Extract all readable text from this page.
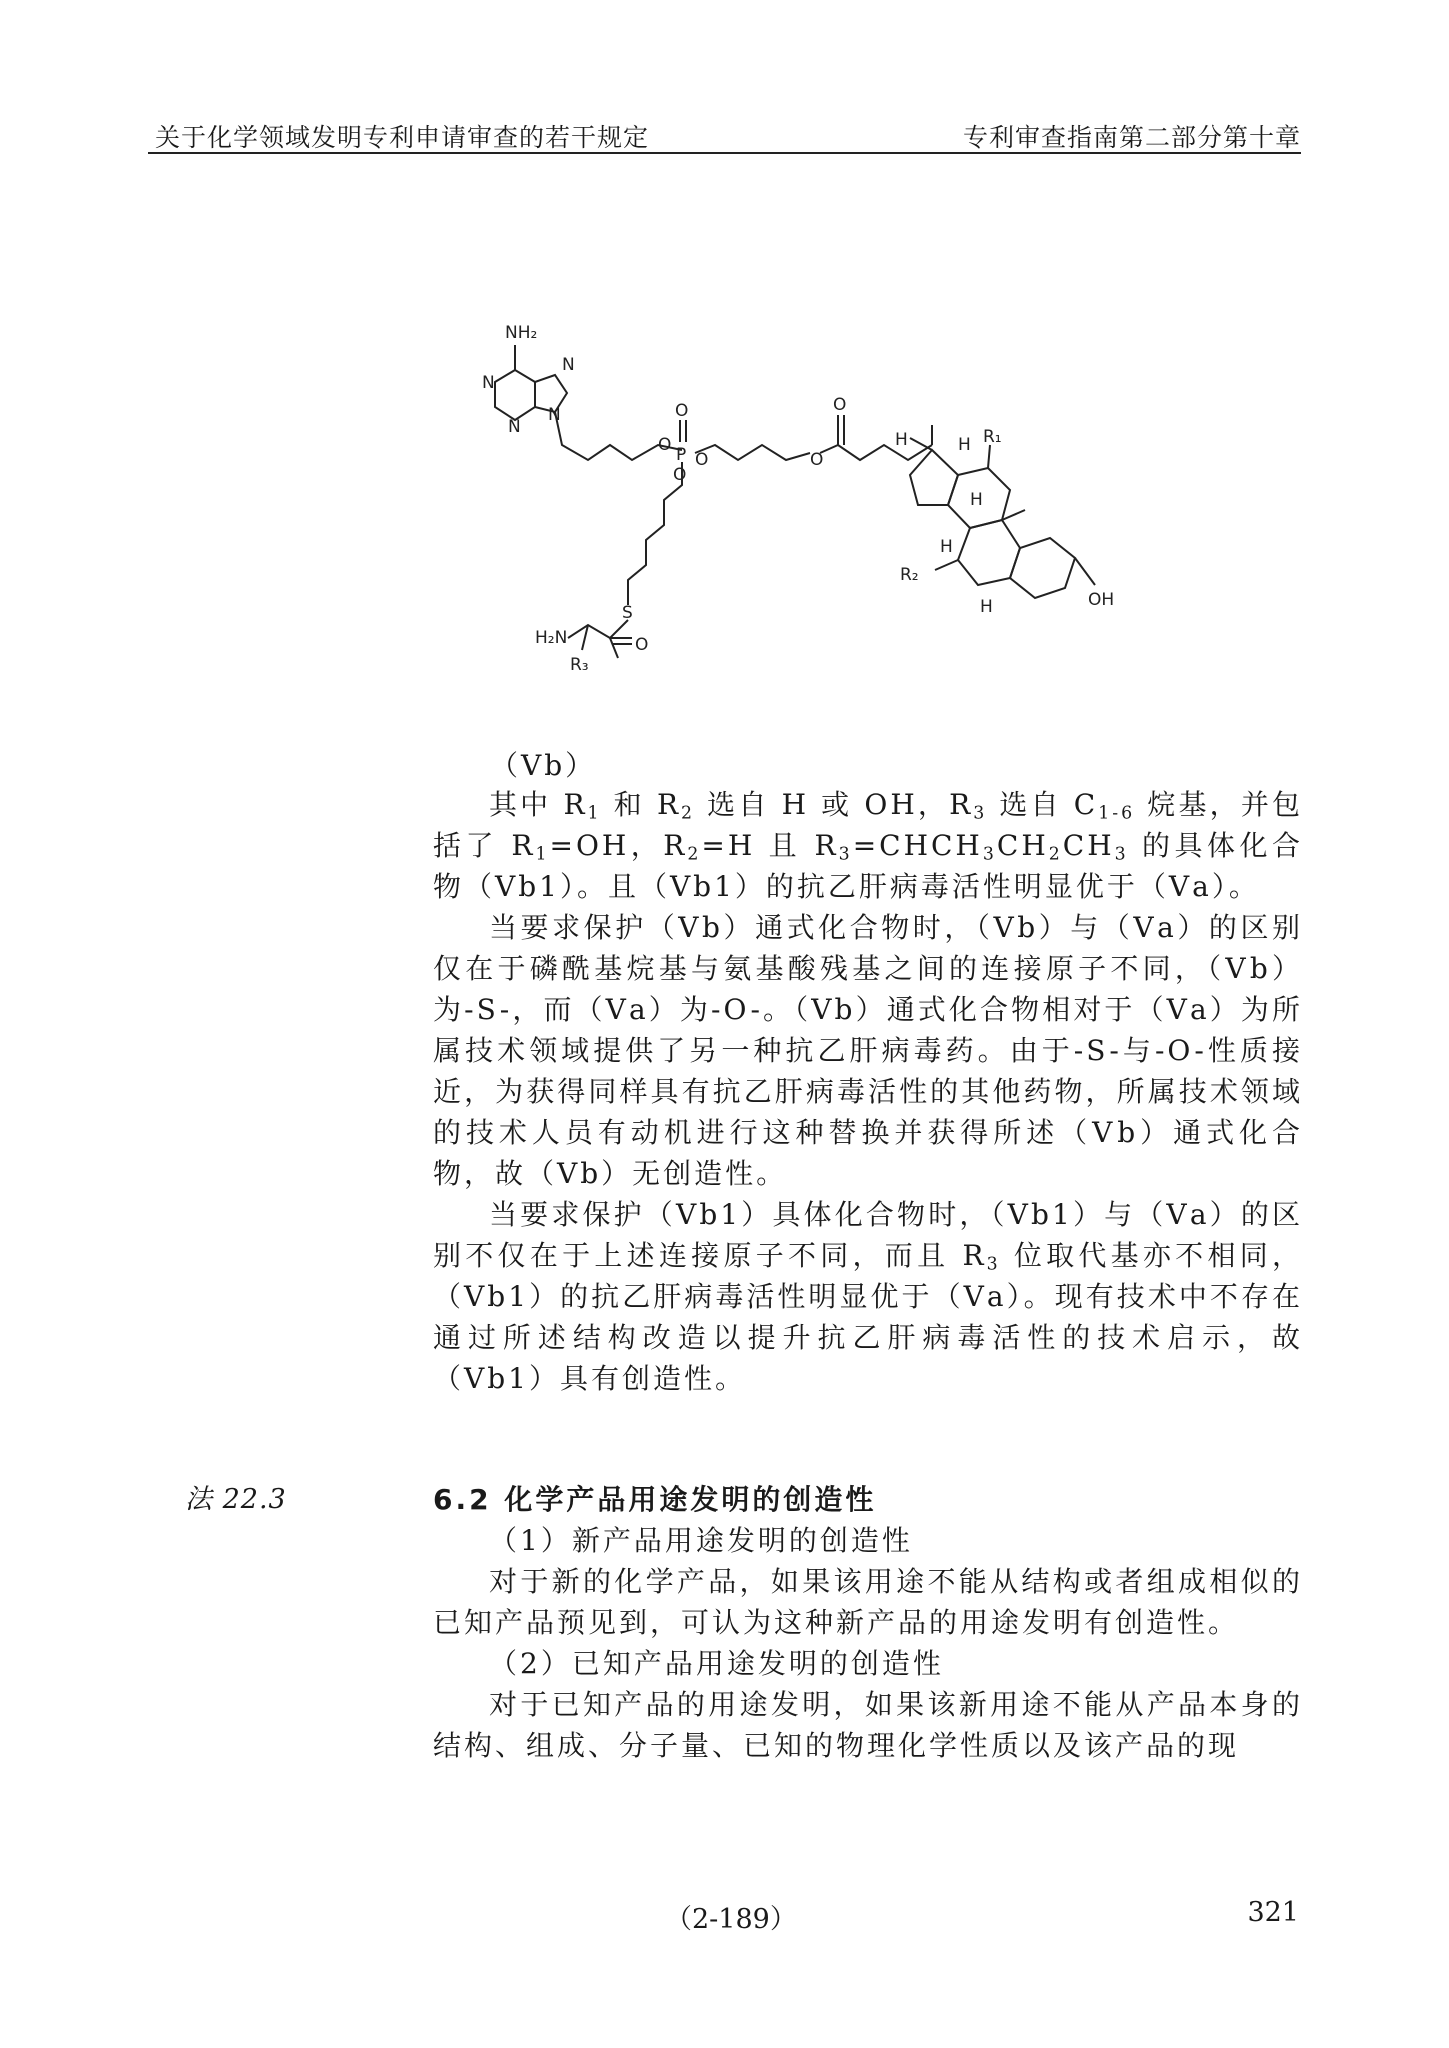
关于化学领域发明专利申请审查的若干规定	专利审查指南第二部分第十章
NH₂
N
N
N
N
O
O
P O	O
O
O
S
H₂N	O
R₃
R₁
R₂
H	H
H
H
H	OH
（Ⅴb）

其中 $R_1$ 和 $R_2$ 选自 H 或 OH，$R_3$ 选自 $C_{1-6}$ 烷基，并包括了 $R_1=OH$，$R_2=H$ 且 $R_3=CHCH_3CH_2CH_3$ 的具体化合物（Ⅴb1）。且（Ⅴb1）的抗乙肝病毒活性明显优于（Ⅴa）。

当要求保护（Ⅴb）通式化合物时，（Ⅴb）与（Ⅴa）的区别仅在于磷酰基烷基与氨基酸残基之间的连接原子不同，（Ⅴb）为-S-，而（Ⅴa）为-O-。（Ⅴb）通式化合物相对于（Ⅴa）为所属技术领域提供了另一种抗乙肝病毒药。由于-S-与-O-性质接近，为获得同样具有抗乙肝病毒活性的其他药物，所属技术领域的技术人员有动机进行这种替换并获得所述（Ⅴb）通式化合物，故（Ⅴb）无创造性。

当要求保护（Ⅴb1）具体化合物时，（Ⅴb1）与（Ⅴa）的区别不仅在于上述连接原子不同，而且 $R_3$ 位取代基亦不相同，（Ⅴb1）的抗乙肝病毒活性明显优于（Ⅴa）。现有技术中不存在通过所述结构改造以提升抗乙肝病毒活性的技术启示，故（Ⅴb1）具有创造性。

法 22.3	6.2 化学产品用途发明的创造性

（1）新产品用途发明的创造性

对于新的化学产品，如果该用途不能从结构或者组成相似的已知产品预见到，可认为这种新产品的用途发明有创造性。

（2）已知产品用途发明的创造性

对于已知产品的用途发明，如果该新用途不能从产品本身的结构、组成、分子量、已知的物理化学性质以及该产品的现

（2-189）	321
